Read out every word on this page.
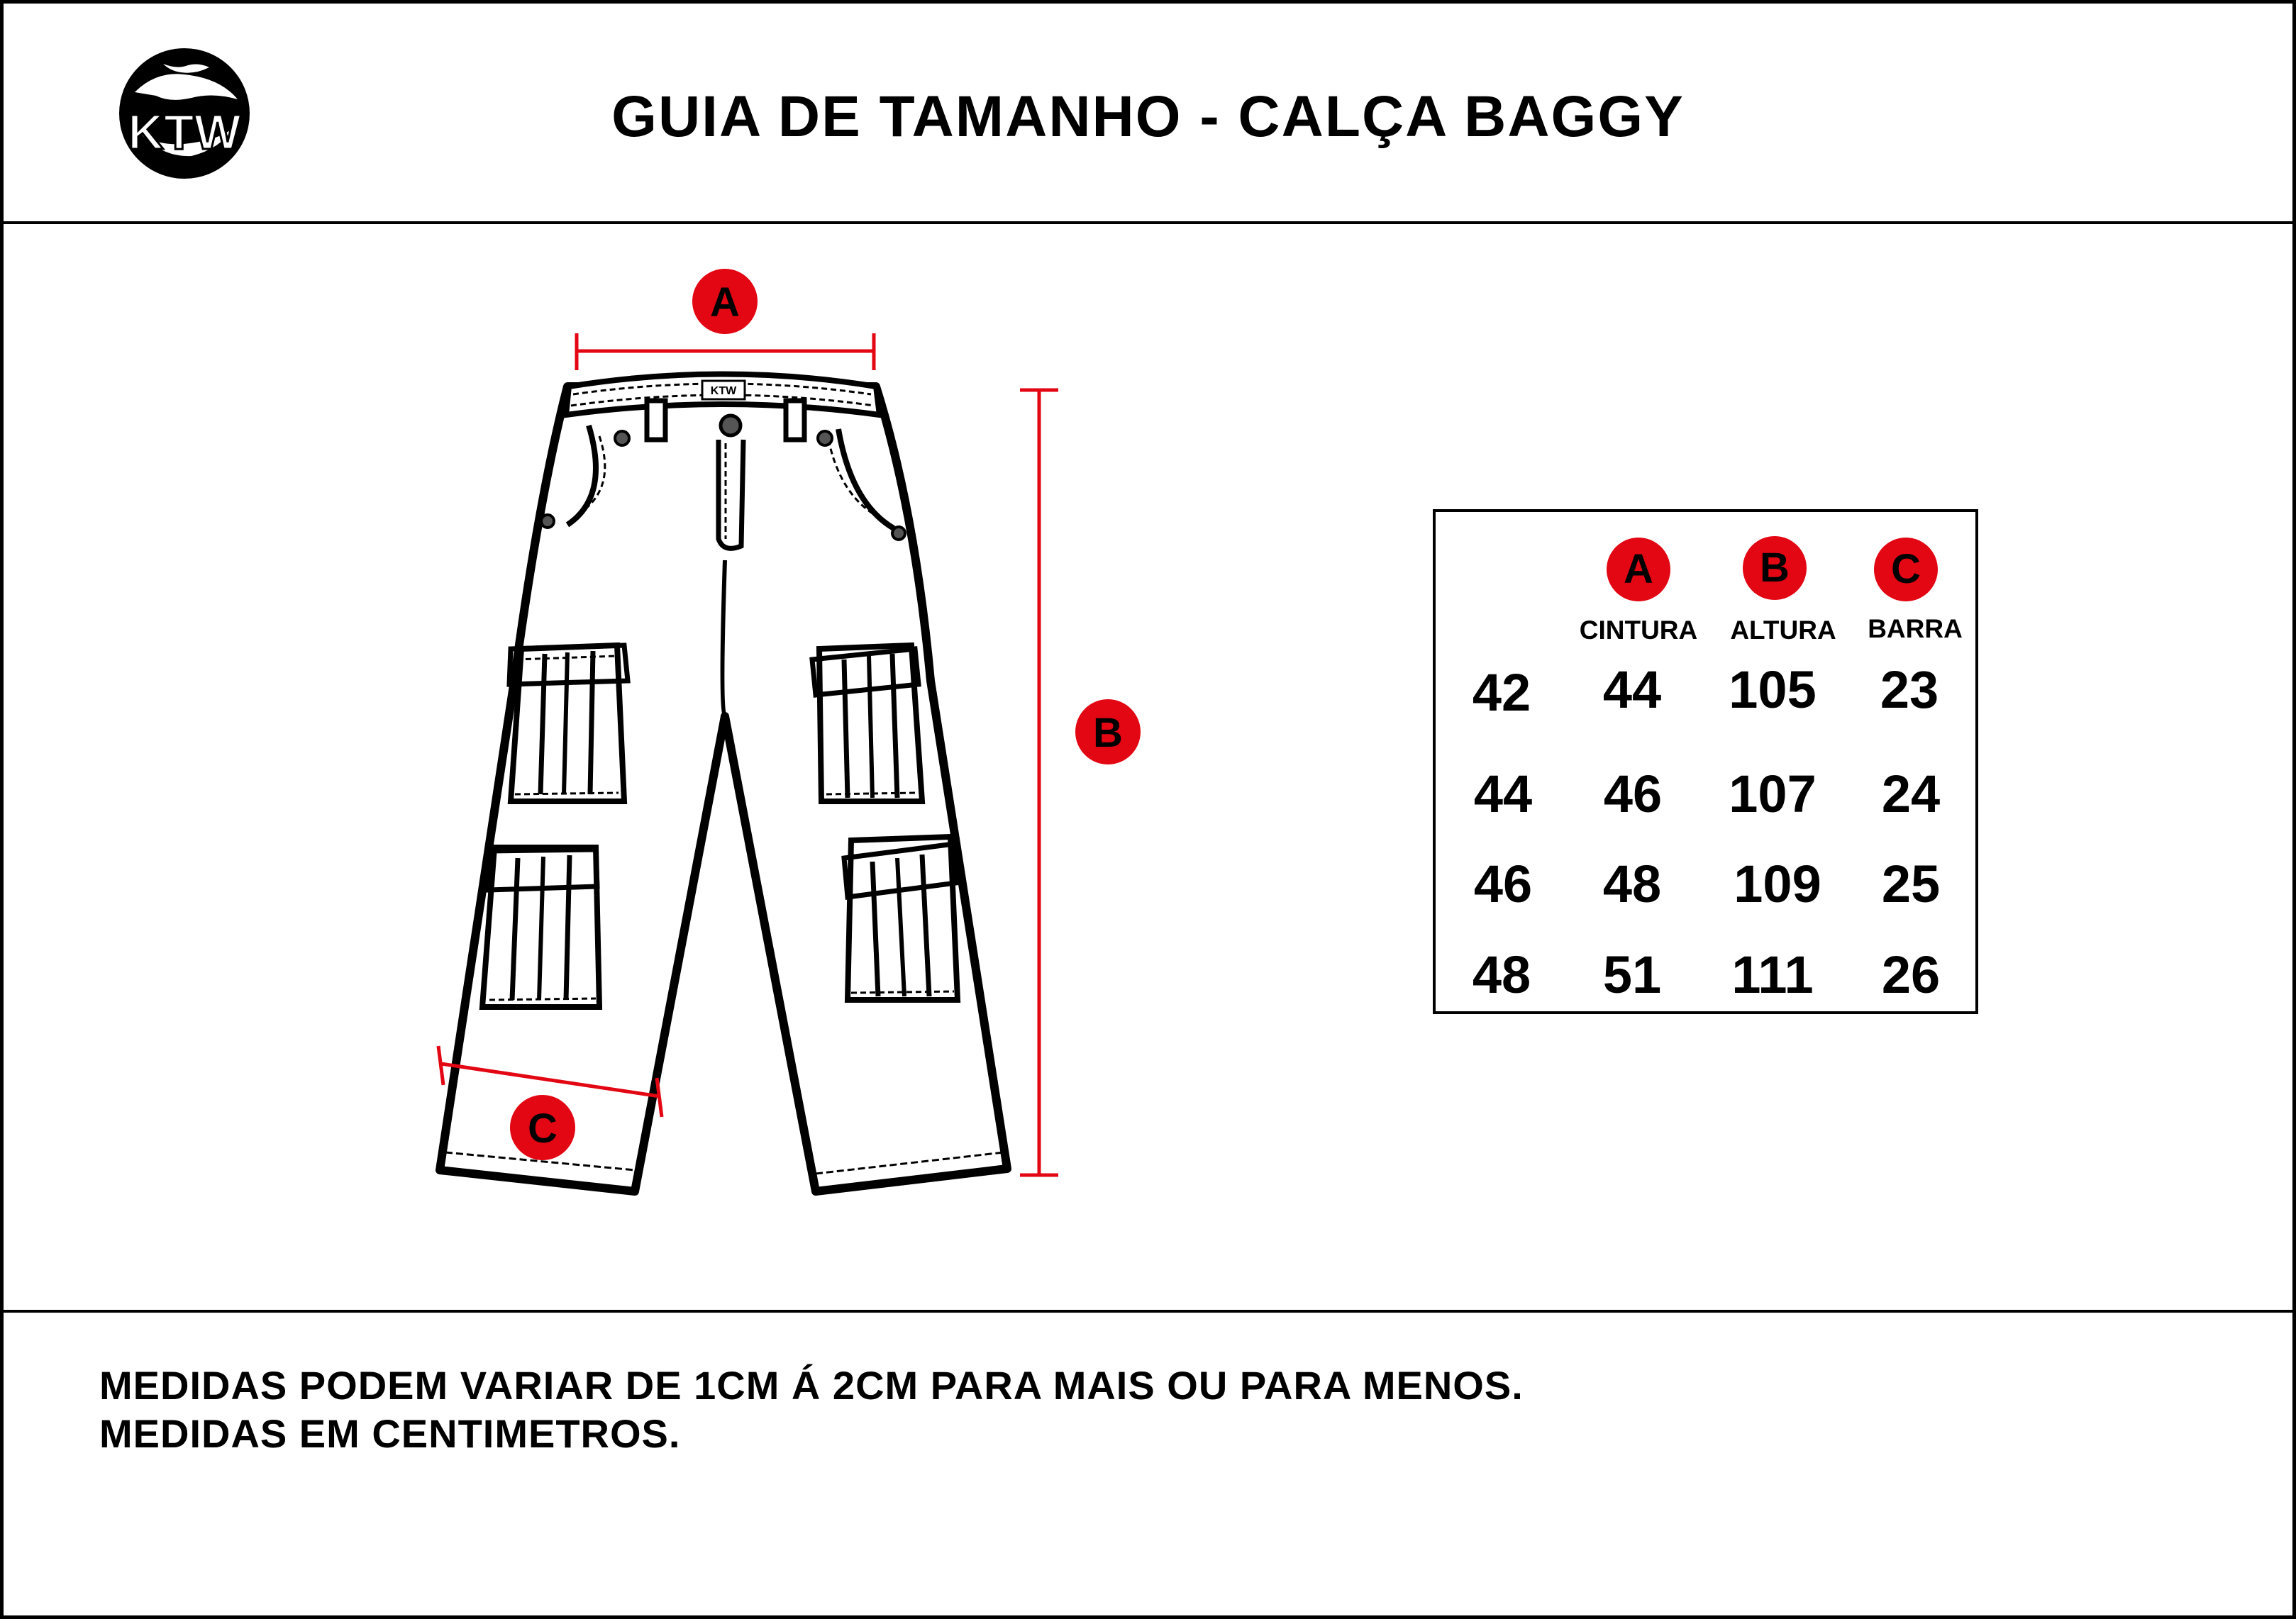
KTW	GUIA DE TAMANHO - CALÇA BAGGY
A
B
KTW
C
A	B	C
CINTURA	ALTURA	BARRA
42	44	105	23
44	46	107	24
46	48	109	25
48	51	111	26
MEDIDAS PODEM VARIAR DE 1CM Á 2CM PARA MAIS OU PARA MENOS.
MEDIDAS EM CENTIMETROS.
